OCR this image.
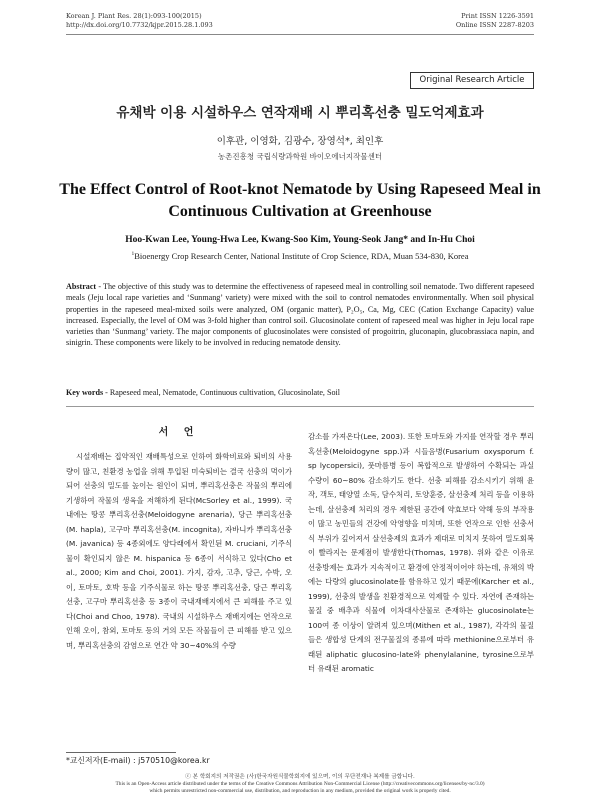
Korean J. Plant Res. 28(1):093-100(2015)
http://dx.doi.org/10.7732/kjpr.2015.28.1.093
Print ISSN 1226-3591
Online ISSN 2287-8203
Original Research Article
유채박 이용 시설하우스 연작재배 시 뿌리혹선충 밀도억제효과
이후관, 이영화, 김광수, 장영석*, 최인후
농촌진흥청 국립식량과학원 바이오에너지작물센터
The Effect Control of Root-knot Nematode by Using Rapeseed Meal in
Continuous Cultivation at Greenhouse
Hoo-Kwan Lee, Young-Hwa Lee, Kwang-Soo Kim, Young-Seok Jang* and In-Hu Choi
$^1$Bioenergy Crop Research Center, National Institute of Crop Science, RDA, Muan 534-830, Korea
Abstract - The objective of this study was to determine the effectiveness of rapeseed meal in controlling soil nematode. Two different rapeseed meals (Jeju local rape varieties and ‘Sunmang’ variety) were mixed with the soil to control nematodes environmentally. When soil physical properties in the rapeseed meal-mixed soils were analyzed, OM (organic matter), P₂O₅, Ca, Mg, CEC (Cation Exchange Capacity) value increased. Especially, the level of OM was 3-fold higher than control soil. Glucosinolate content of rapeseed meal was higher in Jeju local rape varieties than ‘Sunmang’ variety. The major components of glucosinolates were consisted of progoitrin, gluconapin, glucobrassiaca napin, and sinigrin. These components were likely to be involved in reducing nematode density.
Key words - Rapeseed meal, Nematode, Continuous cultivation, Glucosinolate, Soil
서 언

시설재배는 집약적인 재배특성으로 인하여 화학비료와 퇴비의 사용량이 많고, 친환경 농업을 위해 투입된 미숙퇴비는 결국 선충의 먹이가 되어 선충의 밀도를 높이는 원인이 되며, 뿌리혹선충은 작물의 뿌리에 기생하여 작물의 생육을 저해하게 된다(McSorley et al., 1999). 국내에는 땅콩 뿌리혹선충(Meloidogyne arenaria), 당근 뿌리혹선충(M. hapla), 고구마 뿌리혹선충(M. incognita), 자바니카 뿌리혹선충(M. javanica) 등 4종외에도 양다래에서 확인된 M. cruciani, 기주식물이 확인되지 않은 M. hispanica 등 6종이 서식하고 있다(Cho et al., 2000; Kim and Choi, 2001). 가지, 감자, 고추, 당근, 수박, 오이, 토마토, 호박 등을 기주식물로 하는 땅콩 뿌리혹선충, 당근 뿌리혹선충, 고구마 뿌리혹선충 등 3종이 국내재배지에서 큰 피해를 주고 있다(Choi and Choo, 1978). 국내의 시설하우스 재배지에는 연작으로 인해 오이, 참외, 토마토 등의 거의 모든 작물들이 큰 피해를 받고 있으며, 뿌리혹선충의 감염으로 연간 약 30~40%의 수량

감소를 가져온다(Lee, 2003). 또한 토마토와 가지를 연작할 경우 뿌리혹선충(Meloidogyne spp.)과 시들음병(Fusarium oxysporum f. sp lycopersici), 풋마름병 등이 복합적으로 발생하여 수확되는 과실수량이 60~80% 감소하기도 한다. 선충 피해를 감소시키기 위해 윤작, 객토, 태양열 소독, 담수처리, 토양훈증, 살선충제 처리 등을 이용하는데, 살선충제 처리의 경우 제한된 공간에 약효보다 약해 등의 부작용이 많고 농민들의 건강에 악영향을 미치며, 또한 연작으로 인한 선충서식 부위가 깊어져서 살선충제의 효과가 제대로 미치지 못하여 밀도회복이 빨라지는 문제점이 발생한다(Thomas, 1978). 위와 같은 이유로 선충방제는 효과가 지속적이고 환경에 안정적이어야 하는데, 유채의 박에는 다량의 glucosinolate를 함유하고 있기 때문에(Karcher et al., 1999), 선충의 발생을 친환경적으로 억제할 수 있다. 자연에 존재하는 물질 중 배추과 식물에 이차대사산물로 존재하는 glucosinolate는 100여 종 이상이 알려져 있으며(Mithen et al., 1987), 각각의 물질들은 생합성 단계의 전구물질의 종류에 따라 methionine으로부터 유래된 aliphatic glucosino-late와 phenylalanine, tyrosine으로부터 유래된 aromatic

*교신저자(E-mail) : j570510@korea.kr
ⓒ 본 학회지의 저작권은 (사)한국자원식물학회지에 있으며, 이의 무단전재나 복제를 금합니다.
This is an Open-Access article distributed under the terms of the Creative Commons Attribution Non-Commercial License (http://creativecommons.org/licenses/by-nc/3.0)
which permits unrestricted non-commercial use, distribution, and reproduction in any medium, provided the original work is properly cited.
